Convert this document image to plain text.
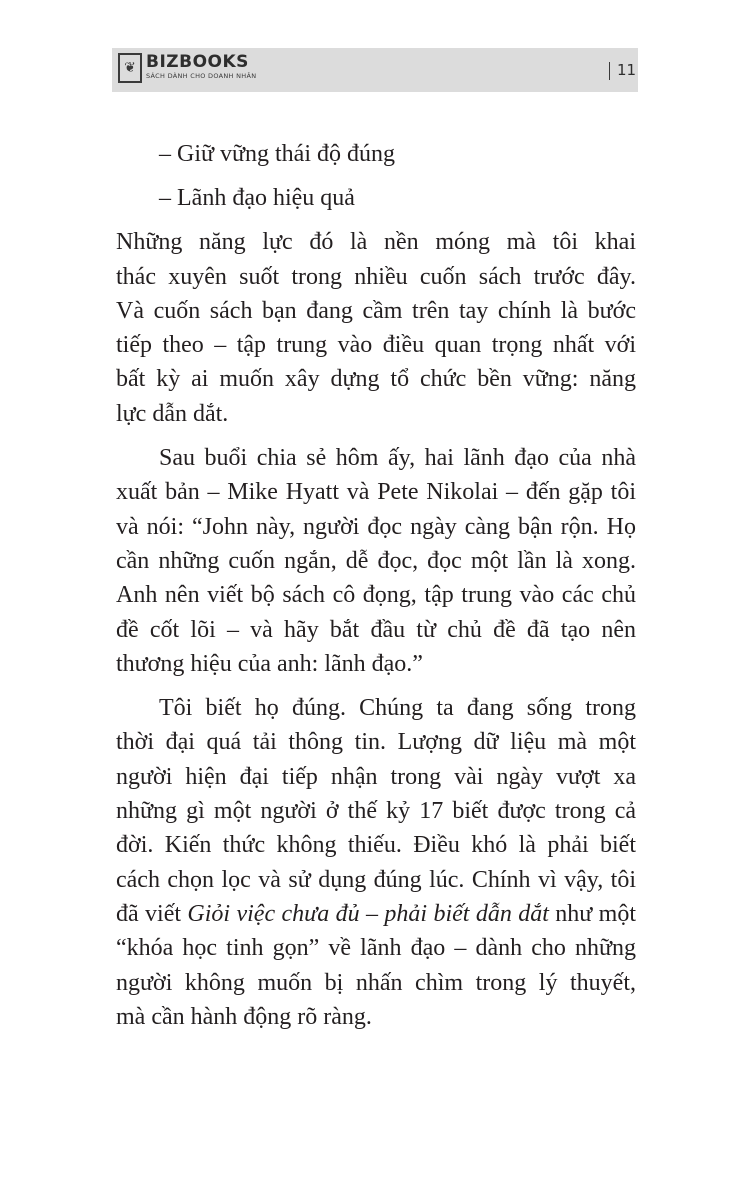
❦ BIZBOOKS
SÁCH DÀNH CHO DOANH NHÂN	11
– Giữ vững thái độ đúng
– Lãnh đạo hiệu quả
Những năng lực đó là nền móng mà tôi khai
thác xuyên suốt trong nhiều cuốn sách trước đây.
Và cuốn sách bạn đang cầm trên tay chính là bước
tiếp theo – tập trung vào điều quan trọng nhất với
bất kỳ ai muốn xây dựng tổ chức bền vững: năng
lực dẫn dắt.
Sau buổi chia sẻ hôm ấy, hai lãnh đạo của nhà
xuất bản – Mike Hyatt và Pete Nikolai – đến gặp tôi
và nói: “John này, người đọc ngày càng bận rộn. Họ
cần những cuốn ngắn, dễ đọc, đọc một lần là xong.
Anh nên viết bộ sách cô đọng, tập trung vào các chủ
đề cốt lõi – và hãy bắt đầu từ chủ đề đã tạo nên
thương hiệu của anh: lãnh đạo.”
Tôi biết họ đúng. Chúng ta đang sống trong
thời đại quá tải thông tin. Lượng dữ liệu mà một
người hiện đại tiếp nhận trong vài ngày vượt xa
những gì một người ở thế kỷ 17 biết được trong cả
đời. Kiến thức không thiếu. Điều khó là phải biết
cách chọn lọc và sử dụng đúng lúc. Chính vì vậy, tôi
đã viết Giỏi việc chưa đủ – phải biết dẫn dắt như một
“khóa học tinh gọn” về lãnh đạo – dành cho những
người không muốn bị nhấn chìm trong lý thuyết,
mà cần hành động rõ ràng.
